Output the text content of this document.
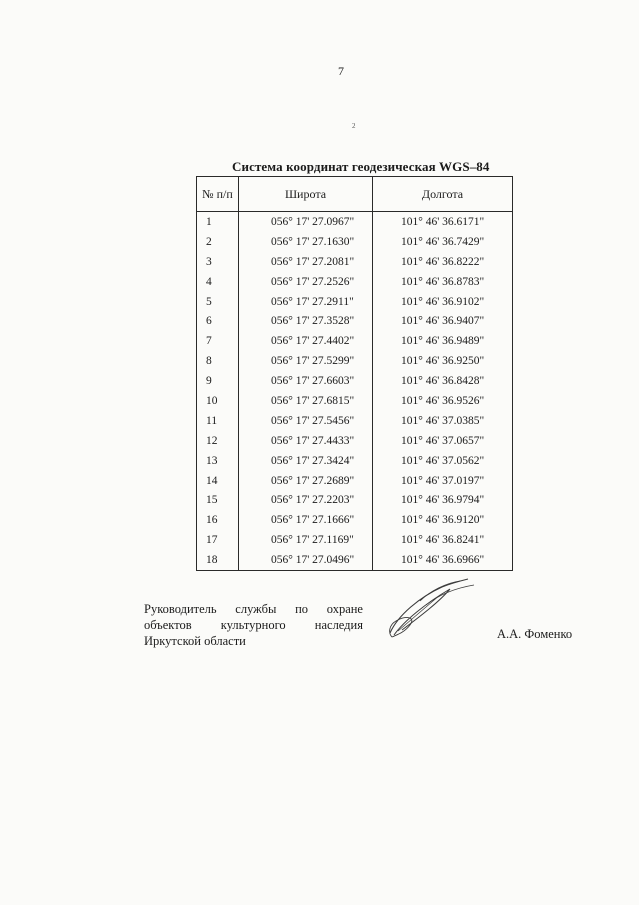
7
2
Система координат геодезическая WGS–84
№ п/п	Широта	Долгота
1	056° 17' 27.0967"	101° 46' 36.6171"
2	056° 17' 27.1630"	101° 46' 36.7429"
3	056° 17' 27.2081"	101° 46' 36.8222"
4	056° 17' 27.2526"	101° 46' 36.8783"
5	056° 17' 27.2911"	101° 46' 36.9102"
6	056° 17' 27.3528"	101° 46' 36.9407"
7	056° 17' 27.4402"	101° 46' 36.9489"
8	056° 17' 27.5299"	101° 46' 36.9250"
9	056° 17' 27.6603"	101° 46' 36.8428"
10	056° 17' 27.6815"	101° 46' 36.9526"
11	056° 17' 27.5456"	101° 46' 37.0385"
12	056° 17' 27.4433"	101° 46' 37.0657"
13	056° 17' 27.3424"	101° 46' 37.0562"
14	056° 17' 27.2689"	101° 46' 37.0197"
15	056° 17' 27.2203"	101° 46' 36.9794"
16	056° 17' 27.1666"	101° 46' 36.9120"
17	056° 17' 27.1169"	101° 46' 36.8241"
18	056° 17' 27.0496"	101° 46' 36.6966"
Руководитель службы по охране
объектов культурного наследия
Иркутской области	А.А. Фоменко
